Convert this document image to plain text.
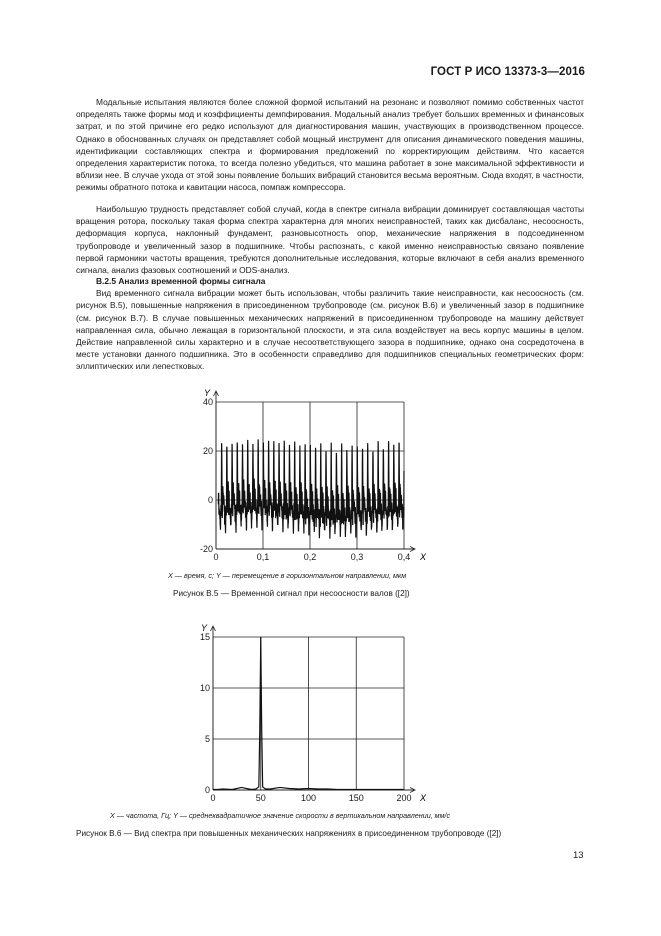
ГОСТ Р ИСО 13373-3—2016

Модальные испытания являются более сложной формой испытаний на резонанс и позволяют помимо собственных частот определять также формы мод и коэффициенты демпфирования. Модальный анализ требует больших временных и финансовых затрат, и по этой причине его редко используют для диагностирования машин, участвующих в производственном процессе. Однако в обоснованных случаях он представляет собой мощный инструмент для описания динамического поведения машины, идентификации составляющих спектра и формирования предложений по корректирующим действиям. Что касается определения характеристик потока, то всегда полезно убедиться, что машина работает в зоне максимальной эффективности и вблизи нее. В случае ухода от этой зоны появление больших вибраций становится весьма вероятным. Сюда входят, в частности, режимы обратного потока и кавитации насоса, помпаж компрессора.

Наибольшую трудность представляет собой случай, когда в спектре сигнала вибрации доминирует составляющая частоты вращения ротора, поскольку такая форма спектра характерна для многих неисправностей, таких как дисбаланс, несоосность, деформация корпуса, наклонный фундамент, разновысотность опор, механические напряжения в подсоединенном трубопроводе и увеличенный зазор в подшипнике. Чтобы распознать, с какой именно неисправностью связано появление первой гармоники частоты вращения, требуются дополнительные исследования, которые включают в себя анализ временного сигнала, анализ фазовых соотношений и ODS-анализ.

B.2.5 Анализ временной формы сигнала

Вид временного сигнала вибрации может быть использован, чтобы различить такие неисправности, как несоосность (см. рисунок B.5), повышенные напряжения в присоединенном трубопроводе (см. рисунок B.6) и увеличенный зазор в подшипнике (см. рисунок B.7). В случае повышенных механических напряжений в присоединенном трубопроводе на машину действует направленная сила, обычно лежащая в горизонтальной плоскости, и эта сила воздействует на весь корпус машины в целом. Действие направленной силы характерно и в случае несоответствующего зазора в подшипнике, однако она сосредоточена в месте установки данного подшипника. Это в особенности справедливо для подшипников специальных геометрических форм: эллиптических или лепестковых.

0	0,1	0,2	0,3	0,4
-20
0
20
40
Y
X
0	50	100	150	200
0
5
10
15
Y
X
X — время, с; Y — перемещение в горизонтальном направлении, мкм
Рисунок B.5 — Временной сигнал при несоосности валов ([2])
X — частота, Гц; Y — среднеквадратичное значение скорости в вертикальном направлении, мм/с
Рисунок B.6 — Вид спектра при повышенных механических напряжениях в присоединенном трубопроводе ([2])
13
